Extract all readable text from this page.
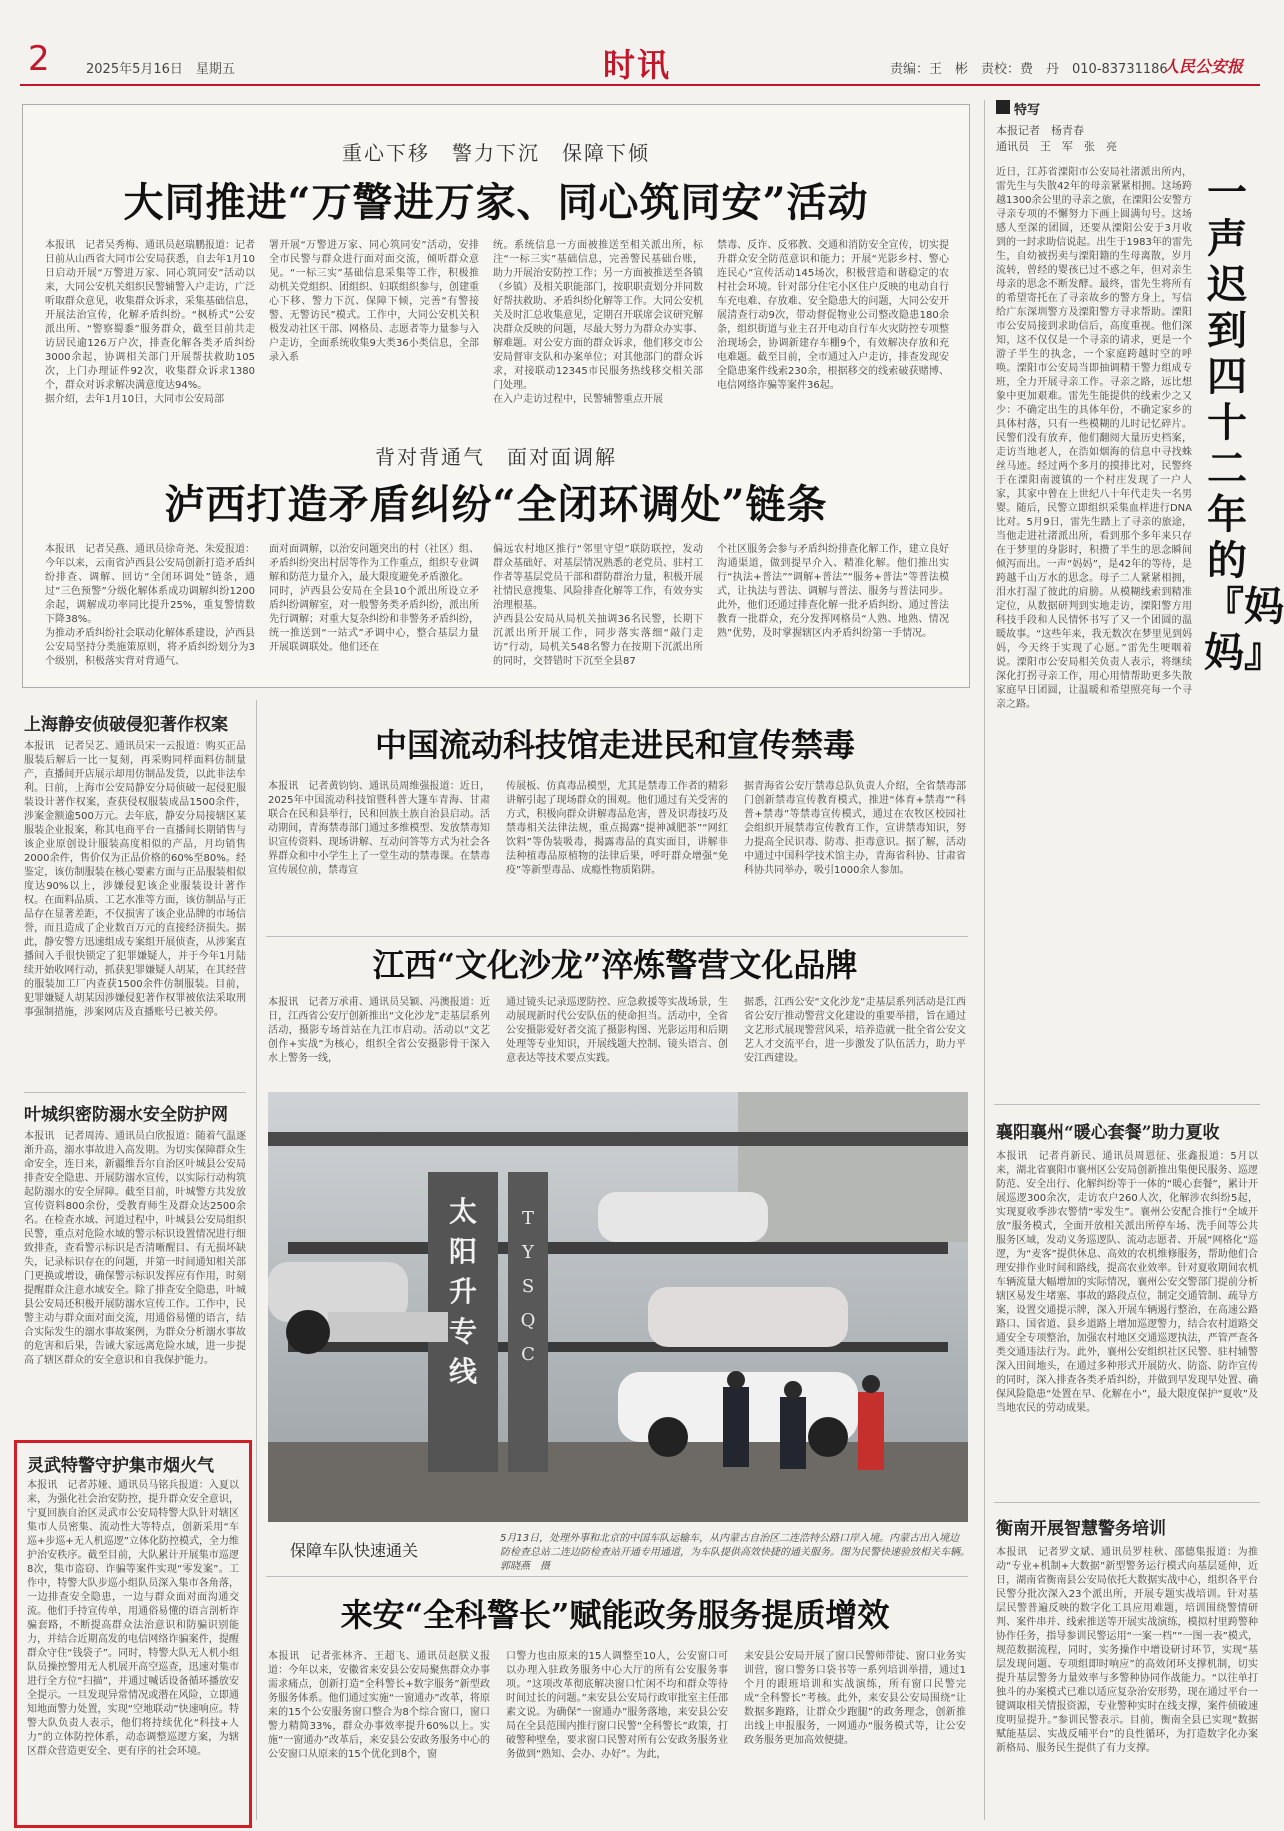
2	2025年5月16日　星期五	时讯	责编：王　彬　责校：费　丹　010-83731186
人民公安报
重心下移　警力下沉　保障下倾
大同推进“万警进万家、同心筑同安”活动
本报讯　记者吴秀梅、通讯员赵瑞鹏报道：记者日前从山西省大同市公安局获悉，自去年1月10日启动开展“万警进万家、同心筑同安”活动以来，大同公安机关组织民警辅警入户走访，广泛听取群众意见，收集群众诉求，采集基础信息，开展法治宣传，化解矛盾纠纷。“枫桥式”公安派出所、“警察蜀黍”服务群众，截至目前共走访居民逾126万户次，排查化解各类矛盾纠纷3000余起，协调相关部门开展帮扶救助105次，上门办理证件92次，收集群众诉求1380个，群众对诉求解决满意度达94%。
据介绍，去年1月10日，大同市公安局部
署开展“万警进万家、同心筑同安”活动，安排全市民警与群众进行面对面交流，倾听群众意见。“一标三实”基础信息采集等工作，积极推动机关党组织、团组织、妇联组织参与，创建重心下移、警力下沉、保障下倾，完善“有警接警、无警访民”模式。工作中，大同公安机关积极发动社区干部、网格员、志愿者等力量参与入户走访，全面系统收集9大类36小类信息，全部录入系
统。系统信息一方面被推送至相关派出所，标注“一标三实”基础信息，完善警民基础台账，助力开展治安防控工作；另一方面被推送至各镇（乡镇）及相关职能部门，按职职责划分并同数好帮扶救助、矛盾纠纷化解等工作。大同公安机关及时汇总收集意见，定期召开联席会议研究解决群众反映的问题，尽最大努力为群众办实事、解难题。对公安方面的群众诉求，他们移交市公安局督审支队和办案单位；对其他部门的群众诉求，对接联动12345市民服务热线移交相关部门处理。
在入户走访过程中，民警辅警重点开展
禁毒、反诈、反邪教、交通和消防安全宣传，切实提升群众安全防范意识和能力；开展“光影乡村、警心连民心”宣传活动145场次，积极营造和谐稳定的农村社会环境。针对部分住宅小区住户反映的电动自行车充电难、存放难、安全隐患大的问题，大同公安开展清查行动9次，带动督促物业公司整改隐患180余条，组织街道与业主召开电动自行车火灾防控专项整治现场会，协调新建存车棚9个，有效解决存放和充电难题。截至目前，全市通过入户走访，排查发现安全隐患案件线索230余，根据移交的线索破获赌博、电信网络诈骗等案件36起。
背对背通气　面对面调解
泸西打造矛盾纠纷“全闭环调处”链条
本报讯　记者吴燕、通讯员徐奇尧、朱爱报道：今年以来，云南省泸西县公安局创新打造矛盾纠纷排查、调解、回访“全闭环调处”链条，通过“三色预警”分级化解体系成功调解纠纷1200余起，调解成功率同比提升25%，重复警情数下降38%。
为推动矛盾纠纷社会联动化解体系建设，泸西县公安局坚持分类施策原则，将矛盾纠纷划分为3个级别，积极落实背对背通气、
面对面调解，以治安问题突出的村（社区）组、矛盾纠纷突出村居等作为工作重点，组织专业调解和防范力量介入，最大限度避免矛盾激化。
同时，泸西县公安局在全县10个派出所设立矛盾纠纷调解室，对一般警务类矛盾纠纷，派出所先行调解；对重大复杂纠纷和非警务矛盾纠纷，统一推送到“一站式”矛调中心，整合基层力量开展联调联处。他们还在
偏远农村地区推行“邻里守望”联防联控，发动群众基础好、对基层情况熟悉的老党员、驻村工作者等基层党员干部和群防群治力量，积极开展社情民意搜集、风险排查化解等工作，有效夯实治理根基。
泸西县公安局从局机关抽调36名民警，长期下沉派出所开展工作，同步落实落细“敲门走访”行动，局机关548名警力在按期下沉派出所的同时，交替错时下沉至全县87
个社区服务会参与矛盾纠纷排查化解工作，建立良好沟通渠道，做到提早介入、精准化解。他们推出实行“执法+普法”“调解+普法”“服务+普法”等普法模式，让执法与普法、调解与普法、服务与普法同步。此外，他们还通过排查化解一批矛盾纠纷、通过普法教育一批群众，充分发挥网格员“人熟、地熟、情况熟”优势，及时掌握辖区内矛盾纠纷第一手情况。
上海静安侦破侵犯著作权案
本报讯　记者吴艺、通讯员宋一云报道：购买正品服装后解后一比一复刻，再采购同样面料仿制量产，直播间开店展示却用仿制品发货，以此非法牟利。日前，上海市公安局静安分局侦破一起侵犯服装设计著作权案，查获侵权服装成品1500余件，涉案金额逾500万元。去年底，静安分局接辖区某服装企业报案，称其电商平台一直播间长期销售与该企业原创设计服装高度相似的产品，月均销售2000余件，售价仅为正品价格的60%至80%。经鉴定，该仿制服装在核心要素方面与正品服装相似度达90%以上，涉嫌侵犯该企业服装设计著作权。在面料品质、工艺水准等方面，该仿制品与正品存在显著差距，不仅损害了该企业品牌的市场信誉，而且造成了企业数百万元的直接经济损失。据此，静安警方迅速组成专案组开展侦查，从涉案直播间入手很快锁定了犯罪嫌疑人，并于今年1月陆续开始收网行动，抓获犯罪嫌疑人胡某，在其经营的服装加工厂内查获1500余件仿制服装。目前，犯罪嫌疑人胡某因涉嫌侵犯著作权罪被依法采取刑事强制措施，涉案网店及直播账号已被关停。
叶城织密防溺水安全防护网
本报讯　记者周涛、通讯员白欣报道：随着气温逐渐升高，溺水事故进入高发期。为切实保障群众生命安全，连日来，新疆维吾尔自治区叶城县公安局排查安全隐患、开展防溺水宣传，以实际行动构筑起防溺水的安全屏障。截至目前，叶城警方共发放宣传资料800余份，受教育师生及群众达2500余名。在检查水域、河道过程中，叶城县公安局组织民警，重点对危险水域的警示标识设置情况进行细致排查，查看警示标识是否清晰醒目、有无损坏缺失，记录标识存在的问题，并第一时间通知相关部门更换或增设，确保警示标识发挥应有作用，时刻提醒群众注意水域安全。除了排查安全隐患，叶城县公安局还积极开展防溺水宣传工作。工作中，民警主动与群众面对面交流，用通俗易懂的语言，结合实际发生的溺水事故案例，为群众分析溺水事故的危害和后果，告诫大家远离危险水域，进一步提高了辖区群众的安全意识和自我保护能力。
灵武特警守护集市烟火气
本报讯　记者苏娅、通讯员马铭兵报道：入夏以来，为强化社会治安防控，提升群众安全意识，宁夏回族自治区灵武市公安局特警大队针对辖区集市人员密集、流动性大等特点，创新采用“车巡+步巡+无人机巡逻”立体化防控模式，全力维护治安秩序。截至目前，大队累计开展集市巡逻8次，集市盗窃、诈骗等案件实现“零发案”。工作中，特警大队步巡小组队员深入集市各角落，一边排查安全隐患，一边与群众面对面沟通交流。他们手持宣传单，用通俗易懂的语言剖析诈骗套路，不断提高群众法治意识和防骗识别能力，并结合近期高发的电信网络诈骗案件，提醒群众守住“钱袋子”。同时，特警大队无人机小组队员操控警用无人机展开高空巡查，迅速对集市进行全方位“扫描”，并通过喊话设备循环播放安全提示。一旦发现异常情况或潜在风险，立即通知地面警力处置，实现“空地联动”快速响应。特警大队负责人表示，他们将持续优化“科技+人力”的立体防控体系，动态调整巡逻方案，为辖区群众营造更安全、更有序的社会环境。
中国流动科技馆走进民和宣传禁毒
本报讯　记者黄钧钧、通讯员周维强报道：近日，2025年中国流动科技馆暨科普大篷车青海、甘肃联合在民和县举行，民和回族土族自治县启动。活动期间，青海禁毒部门通过多维模型、发放禁毒知识宣传资料、现场讲解、互动问答等方式为社会各界群众和中小学生上了一堂生动的禁毒课。在禁毒宣传展位前，禁毒宣
传展板、仿真毒品模型，尤其是禁毒工作者的精彩讲解引起了现场群众的围观。他们通过有关受害的方式，积极向群众讲解毒品危害，普及识毒技巧及禁毒相关法律法规，重点揭露“提神减肥茶”“网红饮料”等伪装吸毒，揭露毒品的真实面目，讲解非法种植毒品原植物的法律后果，呼吁群众增强“免疫”等新型毒品、成瘾性物质陷阱。
据青海省公安厅禁毒总队负责人介绍，全省禁毒部门创新禁毒宣传教育模式，推进“体育+禁毒”“科普+禁毒”等禁毒宣传模式，通过在农牧区校园社会组织开展禁毒宣传教育工作，宣讲禁毒知识，努力提高全民识毒、防毒、拒毒意识。据了解，活动中通过中国科学技术馆主办，青海省科协、甘肃省科协共同举办，吸引1000余人参加。
江西“文化沙龙”淬炼警营文化品牌
本报讯　记者万承甫、通讯员吴颖、冯澳报道：近日，江西省公安厅创新推出“文化沙龙”走基层系列活动，摄影专场首站在九江市启动。活动以“文艺创作+实战”为核心，组织全省公安摄影骨干深入水上警务一线，
通过镜头记录巡逻防控、应急救援等实战场景，生动展现新时代公安队伍的使命担当。活动中，全省公安摄影爱好者交流了摄影构图、光影运用和后期处理等专业知识，开展线题大控制、镜头语言、创意表达等技术要点实践。
据悉，江西公安“文化沙龙”走基层系列活动是江西省公安厅推动警营文化建设的重要举措，旨在通过文艺形式展现警营风采，培养造就一批全省公安文艺人才交流平台，进一步激发了队伍活力，助力平安江西建设。
太阳升专线
T Y S Q C
保障车队快速通关
5月13日，处理外事和北京的中国车队运输车，从内蒙古自治区二连浩特公路口岸入境。内蒙古出入境边防检查总站二连边防检查站开通专用通道，为车队提供高效快捷的通关服务。图为民警快速验放相关车辆。　郭晓燕　摄
来安“全科警长”赋能政务服务提质增效
本报讯　记者张林齐、王超飞、通讯员赵朕义报道：今年以来，安徽省来安县公安局聚焦群众办事需求痛点，创新打造“全科警长+数字服务”新型政务服务体系。他们通过实施“一窗通办”改革，将原来的15个公安服务窗口整合为8个综合窗口，窗口警力精简33%，群众办事效率提升60%以上。实施“一窗通办”改革后，来安县公安政务服务中心的公安窗口从原来的15个优化到8个，窗
口警力也由原来的15人调整至10人，公安窗口可以办理入驻政务服务中心大厅的所有公安服务事项。“这项改革彻底解决窗口忙闲不均和群众等待时间过长的问题。”来安县公安局行政审批室主任邵素文说。为确保“一窗通办”服务落地，来安县公安局在全县范围内推行窗口民警“全科警长”政策，打破警种壁垒，要求窗口民警对所有公安政务服务业务做到“熟知、会办、办好”。为此，
来安县公安局开展了窗口民警师带徒、窗口业务实训营，窗口警务口袋书等一系列培训举措，通过1个月的跟班培训和实战演练，所有窗口民警完成“全科警长”考核。此外，来安县公安局围绕“让数据多跑路，让群众少跑腿”的政务理念，创新推出线上申报服务，一网通办“服务模式等，让公安政务服务更加高效便捷。
特写
本报记者　杨青春
通讯员　王　军　张　亮
近日，江苏省溧阳市公安局社渚派出所内，雷先生与失散42年的母亲紧紧相拥。这场跨越1300余公里的寻亲之旅，在溧阳公安警方寻亲专项的不懈努力下画上圆满句号。这场感人至深的团圆，还要从溧阳公安于3月收到的一封求助信说起。出生于1983年的雷先生，自幼被拐卖与溧阳籍的生母离散，岁月流转，曾经的婴孩已过不惑之年，但对亲生母亲的思念不断发酵。最终，雷先生将所有的希望寄托在了寻亲故乡的警方身上，写信给广东深圳警方及溧阳警方寻求帮助。溧阳市公安局接到求助信后，高度重视。他们深知，这不仅仅是一个寻亲的请求，更是一个游子半生的执念，一个家庭跨越时空的呼唤。溧阳市公安局当即抽调精干警力组成专班，全力开展寻亲工作。寻亲之路，远比想象中更加艰难。雷先生能提供的线索少之又少：不确定出生的具体年份，不确定家乡的具体村落，只有一些模糊的儿时记忆碎片。民警们没有放弃，他们翻阅大量历史档案，走访当地老人，在浩如烟海的信息中寻找蛛丝马迹。经过两个多月的摸排比对，民警终于在溧阳南渡镇的一个村庄发现了一户人家，其家中曾在上世纪八十年代走失一名男婴。随后，民警立即组织采集血样进行DNA比对。5月9日，雷先生踏上了寻亲的旅途，当他走进社渚派出所，看到那个多年来只存在于梦里的身影时，积攒了半生的思念瞬间倾泻而出。一声“妈妈”，是42年的等待，是跨越千山万水的思念。母子二人紧紧相拥，泪水打湿了彼此的肩膀。从模糊线索到精准定位，从数据研判到实地走访，溧阳警方用科技手段和人民情怀书写了又一个团圆的温暖故事。“这些年来，我无数次在梦里见到妈妈，今天终于实现了心愿。”雷先生哽咽着说。溧阳市公安局相关负责人表示，将继续深化打拐寻亲工作，用心用情帮助更多失散家庭早日团圆，让温暖和希望照亮每一个寻亲之路。
一声迟到四十二年的『妈妈』
襄阳襄州“暖心套餐”助力夏收
本报讯　记者肖新民、通讯员周恩征、张鑫报道：5月以来，湖北省襄阳市襄州区公安局创新推出集便民服务、巡逻防范、安全出行、化解纠纷等于一体的“暖心套餐”，累计开展巡逻300余次，走访农户260人次，化解涉农纠纷5起，实现夏收季涉农警情“零发生”。襄州公安配合推行“全域开放”服务模式，全面开放相关派出所停车场、洗手间等公共服务区域，发动义务巡逻队、流动志愿者、开展“网格化”巡逻，为“麦客”提供休息、高效的农机维修服务，帮助他们合理安排作业时间和路线，提高农业效率。针对夏收期间农机车辆流量大幅增加的实际情况，襄州公安交警部门提前分析辖区易发生堵塞、事故的路段点位，制定交通管制、疏导方案，设置交通提示牌，深入开展车辆遏行整治，在高速公路路口、国省道、县乡道路上增加巡逻警力，结合农村道路交通安全专项整治，加强农村地区交通巡逻执法，严管严查各类交通违法行为。此外，襄州公安组织社区民警、驻村辅警深入田间地头，在通过多种形式开展防火、防盗、防诈宣传的同时，深入排查各类矛盾纠纷，并做到早发现早处置、确保风险隐患“处置在早、化解在小”，最大限度保护“夏收”及当地农民的劳动成果。
衡南开展智慧警务培训
本报讯　记者罗文斌、通讯员罗桂秋、邵德集报道：为推动“专业+机制+大数据”新型警务运行模式向基层延伸，近日，湖南省衡南县公安局依托大数据实战中心，组织各平台民警分批次深入23个派出所，开展专题实战培训。针对基层民警普遍反映的数字化工具应用难题，培训围绕警情研判、案件串并、线索推送等开展实战演练，模拟村里跨警种协作任务，指导参训民警运用“一案一档”“一图一表”模式，规范数据流程，同时，实务操作中增设研讨环节，实现“基层发现问题、专项组即时响应”的高效闭环支撑机制，切实提升基层警务力量效率与多警种协同作战能力。“以往单打独斗的办案模式已难以适应复杂治安形势，现在通过平台一键调取相关情报资源，专业警种实时在线支撑，案件侦破速度明显提升。”参训民警表示。目前，衡南全县已实现“数据赋能基层、实战反哺平台”的良性循环，为打造数字化办案新格局、服务民生提供了有力支撑。
